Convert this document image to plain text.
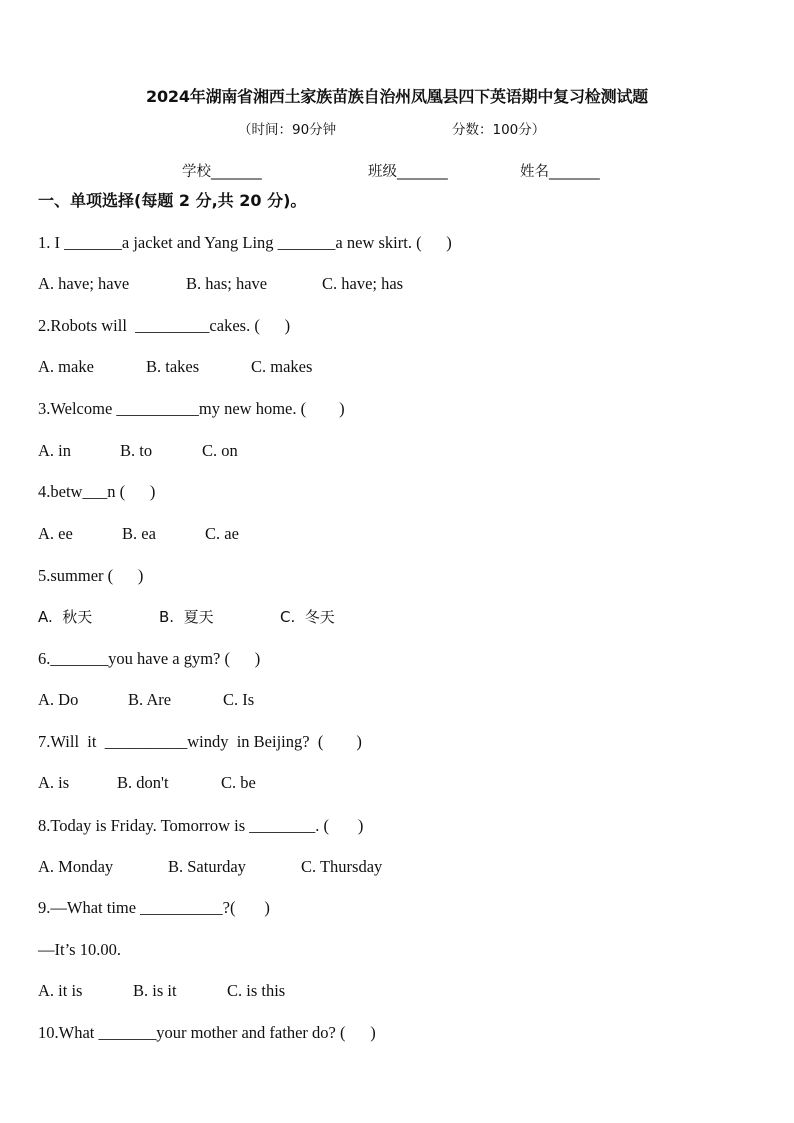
2024年湖南省湘西土家族苗族自治州凤凰县四下英语期中复习检测试题
（时间：90分钟	分数：100分）
学校_______	班级_______	姓名_______
一、单项选择(每题 2 分,共 20 分)。
1. I _______a jacket and Yang Ling _______a new skirt. (      )
A. have; have	B. has; have	C. have; has
2.Robots will  _________cakes. (      )
A. make	B. takes	C. makes
3.Welcome __________my new home. (        )
A. in	B. to	C. on
4.betw___n (      )
A. ee	B. ea	C. ae
5.summer (      )
A.  秋天	B.  夏天	C.  冬天
6._______you have a gym? (      )
A. Do	B. Are	C. Is
7.Will  it  __________windy  in Beijing?  (        )
A. is	B. don't	C. be
8.Today is Friday. Tomorrow is ________. (       )
A. Monday	B. Saturday	C. Thursday
9.—What time __________?(       )
—It’s 10.00.
A. it is	B. is it	C. is this
10.What _______your mother and father do? (      )
